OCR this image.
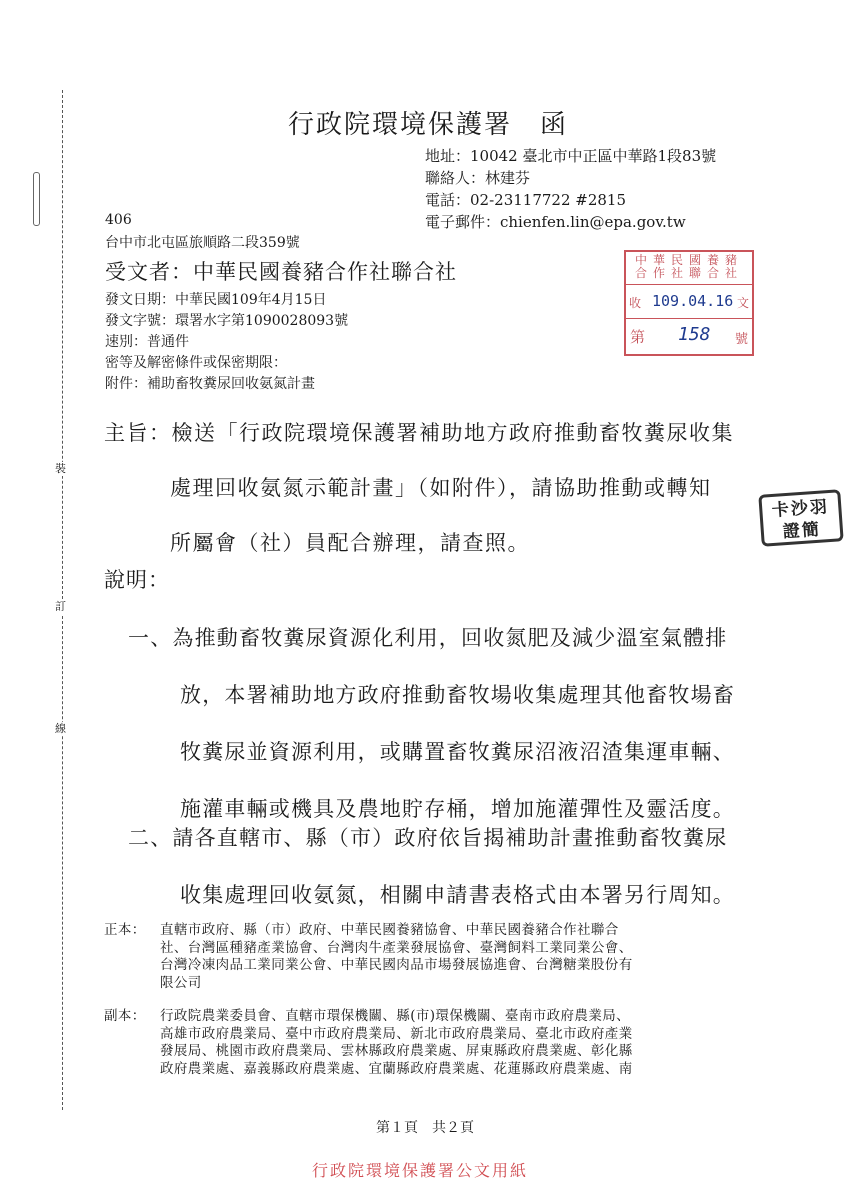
裝
訂
線
行政院環境保護署　函
地址：10042 臺北市中正區中華路1段83號
聯絡人：林建芬
電話：02-23117722 #2815
電子郵件：chienfen.lin@epa.gov.tw
406
台中市北屯區旅順路二段359號
受文者：中華民國養豬合作社聯合社
發文日期：中華民國109年4月15日
發文字號：環署水字第1090028093號
速別：普通件
密等及解密條件或保密期限：
附件：補助畜牧糞尿回收氨氮計畫
中華民國養豬
合作社聯合社
收 109.04.16 文
第 158 號
卡沙羽
證簡
主旨：檢送「行政院環境保護署補助地方政府推動畜牧糞尿收集
處理回收氨氮示範計畫」（如附件），請協助推動或轉知
所屬會（社）員配合辦理，請查照。
說明：
一、為推動畜牧糞尿資源化利用，回收氮肥及減少溫室氣體排
放，本署補助地方政府推動畜牧場收集處理其他畜牧場畜
牧糞尿並資源利用，或購置畜牧糞尿沼液沼渣集運車輛、
施灌車輛或機具及農地貯存桶，增加施灌彈性及靈活度。
二、請各直轄市、縣（市）政府依旨揭補助計畫推動畜牧糞尿
收集處理回收氨氮，相關申請書表格式由本署另行周知。
正本： 直轄市政府、縣（市）政府、中華民國養豬協會、中華民國養豬合作社聯合
社、台灣區種豬產業協會、台灣肉牛產業發展協會、臺灣飼料工業同業公會、
台灣冷凍肉品工業同業公會、中華民國肉品市場發展協進會、台灣糖業股份有
限公司
副本： 行政院農業委員會、直轄市環保機關、縣(市)環保機關、臺南市政府農業局、
高雄市政府農業局、臺中市政府農業局、新北市政府農業局、臺北市政府產業
發展局、桃園市政府農業局、雲林縣政府農業處、屏東縣政府農業處、彰化縣
政府農業處、嘉義縣政府農業處、宜蘭縣政府農業處、花蓮縣政府農業處、南
第１頁　共２頁
行政院環境保護署公文用紙
